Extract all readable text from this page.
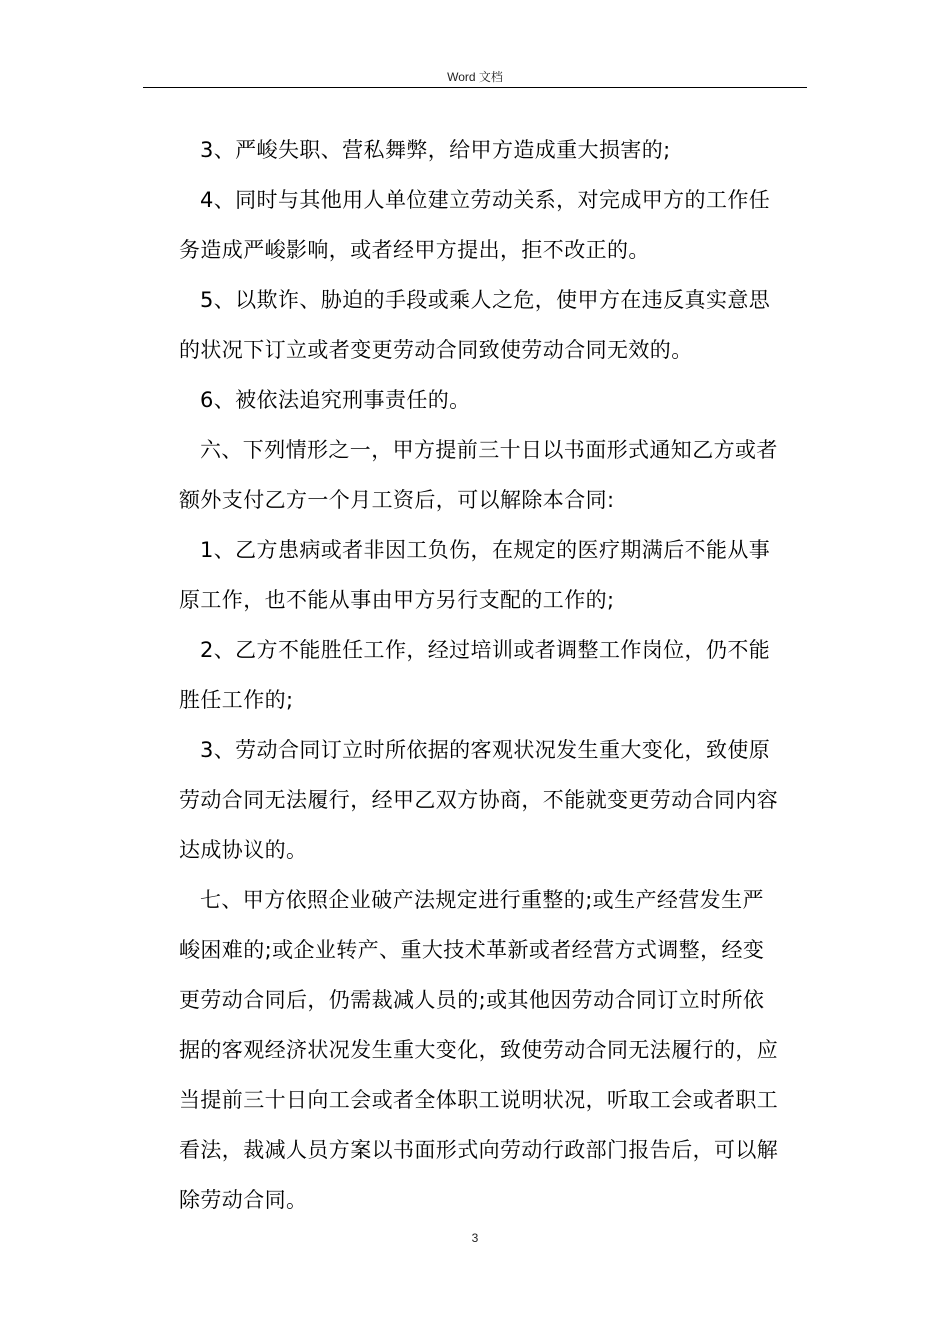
Word 文档

3、严峻失职、营私舞弊，给甲方造成重大损害的;

4、同时与其他用人单位建立劳动关系，对完成甲方的工作任
务造成严峻影响，或者经甲方提出，拒不改正的。

5、以欺诈、胁迫的手段或乘人之危，使甲方在违反真实意思
的状况下订立或者变更劳动合同致使劳动合同无效的。

6、被依法追究刑事责任的。

六、下列情形之一，甲方提前三十日以书面形式通知乙方或者
额外支付乙方一个月工资后，可以解除本合同:

1、乙方患病或者非因工负伤，在规定的医疗期满后不能从事
原工作，也不能从事由甲方另行支配的工作的;

2、乙方不能胜任工作，经过培训或者调整工作岗位，仍不能
胜任工作的;

3、劳动合同订立时所依据的客观状况发生重大变化，致使原
劳动合同无法履行，经甲乙双方协商，不能就变更劳动合同内容
达成协议的。

七、甲方依照企业破产法规定进行重整的;或生产经营发生严
峻困难的;或企业转产、重大技术革新或者经营方式调整，经变
更劳动合同后，仍需裁减人员的;或其他因劳动合同订立时所依
据的客观经济状况发生重大变化，致使劳动合同无法履行的，应
当提前三十日向工会或者全体职工说明状况，听取工会或者职工
看法，裁减人员方案以书面形式向劳动行政部门报告后，可以解
除劳动合同。

3
